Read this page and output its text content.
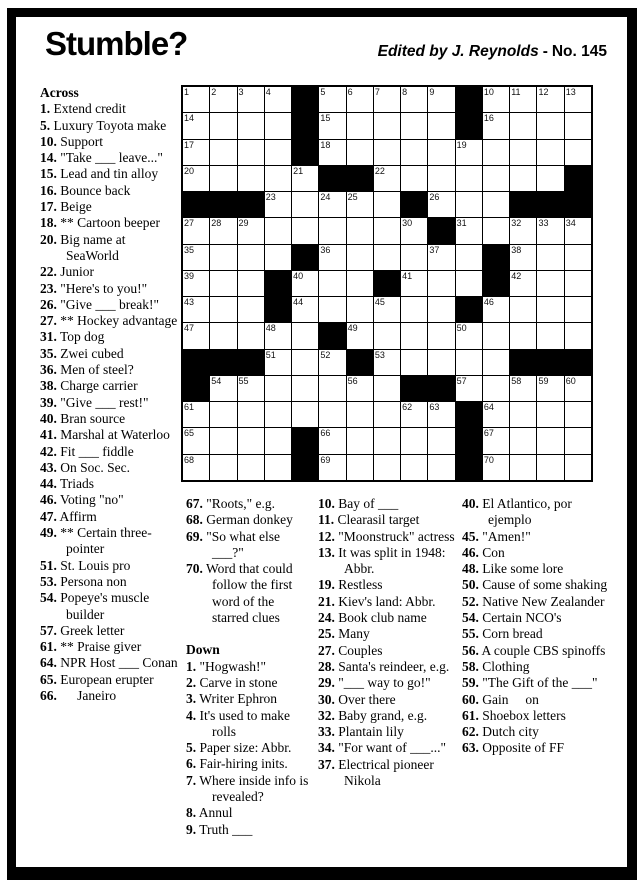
Stumble?	Edited by J. Reynolds - No. 145
1 2 3 4	5 6 7 8 9	10 11 12 13
14	15	16
17	18	19
20	21	22
23	24 25	26
27 28 29	30	31	32 33 34
35	36	37	38
39	40	41	42
43	44	45	46
47	48	49	50
51	52	53
54 55	56	57	58 59 60
61	62 63	64
65	66	67
68	69	70
Across
1. Extend credit
5. Luxury Toyota make
10. Support
14. "Take ___ leave..."
15. Lead and tin alloy
16. Bounce back
17. Beige
18. ** Cartoon beeper
20. Big name at SeaWorld
22. Junior
23. "Here's to you!"
26. "Give ___ break!"
27. ** Hockey advantage
31. Top dog
35. Zwei cubed
36. Men of steel?
38. Charge carrier
39. "Give ___ rest!"
40. Bran source
41. Marshal at Waterloo
42. Fit ___ fiddle
43. On Soc. Sec.
44. Triads
46. Voting "no"
47. Affirm
49. ** Certain three-pointer
51. St. Louis pro
53. Persona non
54. Popeye's muscle builder
57. Greek letter
61. ** Praise giver
64. NPR Host ___ Conan
65. European erupter
66.      Janeiro
67. "Roots," e.g.
68. German donkey
69. "So what else ___?"
70. Word that could follow the first word of the starred clues
Down
1. "Hogwash!"
2. Carve in stone
3. Writer Ephron
4. It's used to make rolls
5. Paper size: Abbr.
6. Fair-hiring inits.
7. Where inside info is revealed?
8. Annul
9. Truth ___
10. Bay of ___
11. Clearasil target
12. "Moonstruck" actress
13. It was split in 1948: Abbr.
19. Restless
21. Kiev's land: Abbr.
24. Book club name
25. Many
27. Couples
28. Santa's reindeer, e.g.
29. "___ way to go!"
30. Over there
32. Baby grand, e.g.
33. Plantain lily
34. "For want of ___..."
37. Electrical pioneer Nikola
40. El Atlantico, por ejemplo
45. "Amen!"
46. Con
48. Like some lore
50. Cause of some shaking
52. Native New Zealander
54. Certain NCO's
55. Corn bread
56. A couple CBS spinoffs
58. Clothing
59. "The Gift of the ___"
60. Gain     on
61. Shoebox letters
62. Dutch city
63. Opposite of FF
